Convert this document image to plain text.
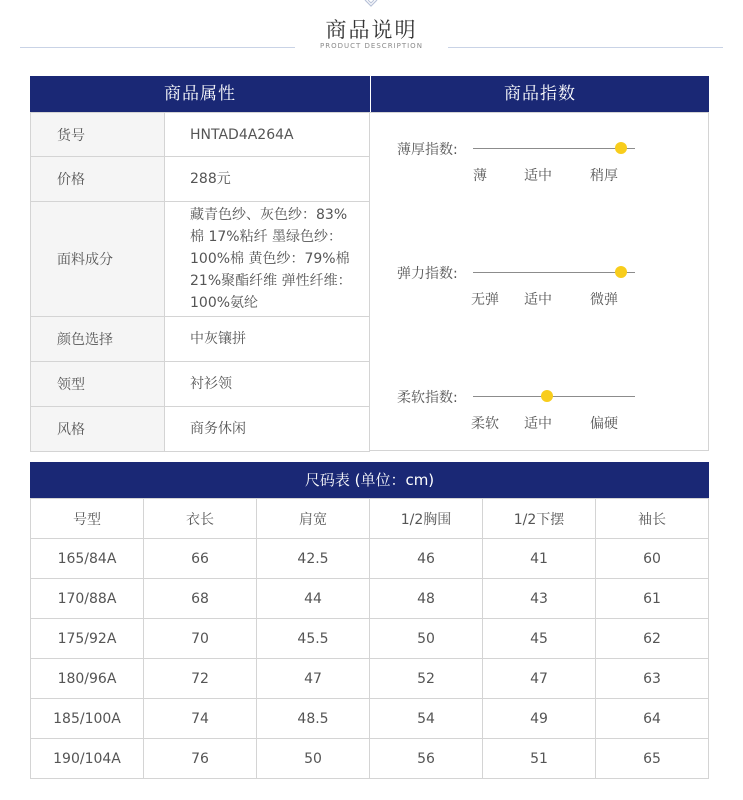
商品说明
PRODUCT DESCRIPTION
商品属性	商品指数
货号	HNTAD4A264A
价格	288元
面料成分	藏青色纱、灰色纱：83%
棉 17%粘纤 墨绿色纱：
100%棉 黄色纱：79%棉
21%聚酯纤维 弹性纤维：
100%氨纶

颜色选择	中灰镶拼
领型	衬衫领
风格	商务休闲
薄厚指数:
薄	适中	稍厚
弹力指数:
无弹 适中	微弹
柔软指数:
柔软 适中	偏硬
尺码表 (单位：cm)
号型	衣长	肩宽	1/2胸围	1/2下摆	袖长
165/84A	66	42.5	46	41	60
170/88A	68	44	48	43	61
175/92A	70	45.5	50	45	62
180/96A	72	47	52	47	63
185/100A	74	48.5	54	49	64
190/104A	76	50	56	51	65
